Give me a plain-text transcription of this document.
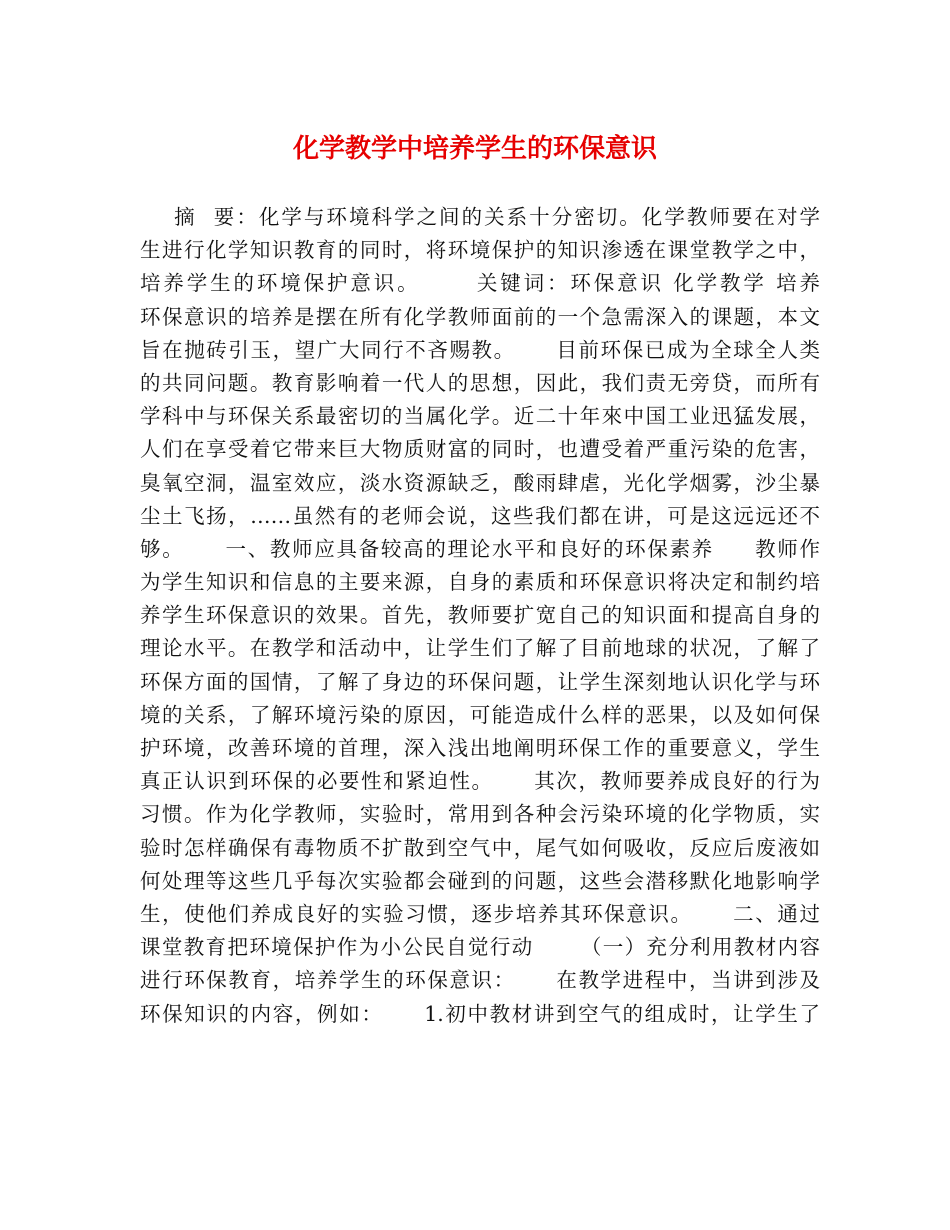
化学教学中培养学生的环保意识
摘  要：化学与环境科学之间的关系十分密切。化学教师要在对学
生进行化学知识教育的同时，将环境保护的知识渗透在课堂教学之中，
培养学生的环境保护意识。      关键词：环保意识 化学教学 培养
环保意识的培养是摆在所有化学教师面前的一个急需深入的课题，本文
旨在抛砖引玉，望广大同行不吝赐教。     目前环保已成为全球全人类
的共同问题。教育影响着一代人的思想，因此，我们责无旁贷，而所有
学科中与环保关系最密切的当属化学。近二十年來中国工业迅猛发展，
人们在享受着它带来巨大物质财富的同时，也遭受着严重污染的危害，
臭氧空洞，温室效应，淡水资源缺乏，酸雨肆虐，光化学烟雾，沙尘暴
尘土飞扬，……虽然有的老师会说，这些我们都在讲，可是这远远还不
够。     一、教师应具备较高的理论水平和良好的环保素养     教师作
为学生知识和信息的主要来源，自身的素质和环保意识将决定和制约培
养学生环保意识的效果。首先，教师要扩宽自己的知识面和提高自身的
理论水平。在教学和活动中，让学生们了解了目前地球的状况，了解了
环保方面的国情，了解了身边的环保问题，让学生深刻地认识化学与环
境的关系，了解环境污染的原因，可能造成什么样的恶果，以及如何保
护环境，改善环境的首理，深入浅出地阐明环保工作的重要意义，学生
真正认识到环保的必要性和紧迫性。     其次，教师要养成良好的行为
习惯。作为化学教师，实验时，常用到各种会污染环境的化学物质，实
验时怎样确保有毒物质不扩散到空气中，尾气如何吸收，反应后废液如
何处理等这些几乎每次实验都会碰到的问题，这些会潜移默化地影响学
生，使他们养成良好的实验习惯，逐步培养其环保意识。     二、通过
课堂教育把环境保护作为小公民自觉行动      （一）充分利用教材内容
进行环保教育，培养学生的环保意识：     在教学进程中，当讲到涉及
环保知识的内容，例如：     1.初中教材讲到空气的组成时，让学生了
